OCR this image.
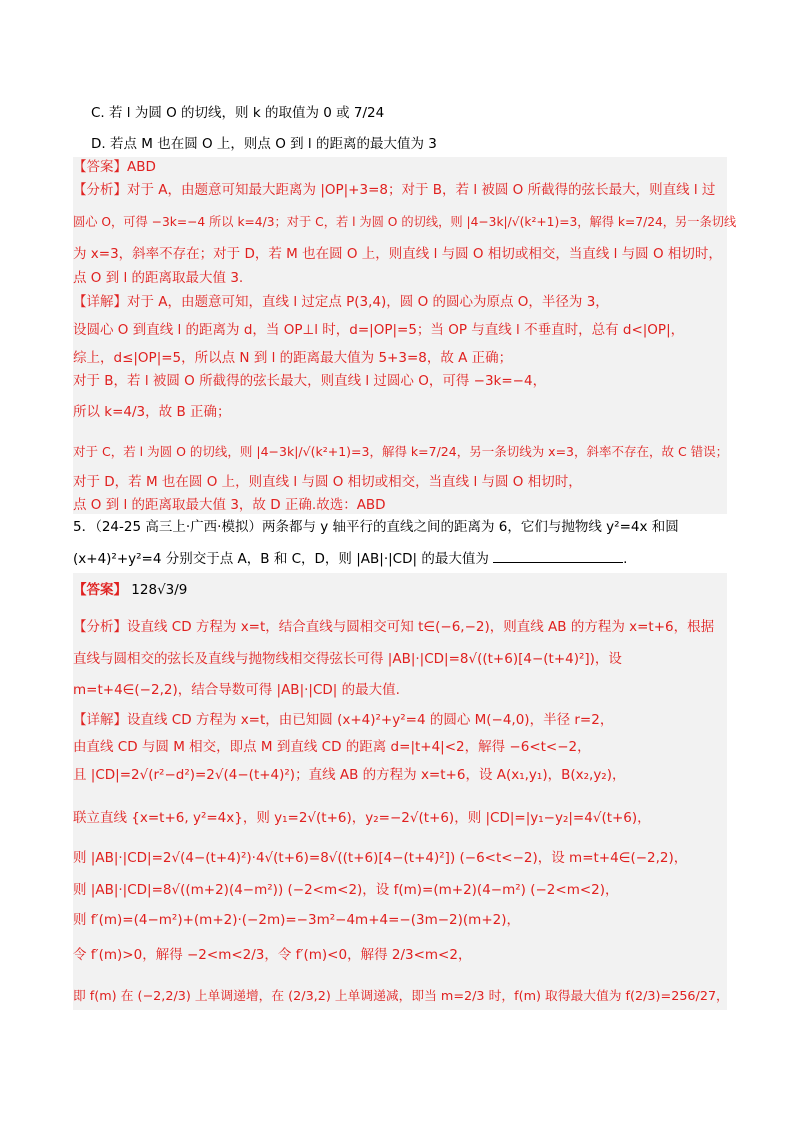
C. 若 l 为圆 O 的切线，则 k 的取值为 0 或 7/24
D. 若点 M 也在圆 O 上，则点 O 到 l 的距离的最大值为 3
【答案】ABD
【分析】对于 A，由题意可知最大距离为 |OP|+3=8；对于 B，若 l 被圆 O 所截得的弦长最大，则直线 l 过
圆心 O，可得 −3k=−4 所以 k=4/3；对于 C，若 l 为圆 O 的切线，则 |4−3k|/√(k²+1)=3，解得 k=7/24，另一条切线
为 x=3，斜率不存在；对于 D，若 M 也在圆 O 上，则直线 l 与圆 O 相切或相交，当直线 l 与圆 O 相切时，
点 O 到 l 的距离取最大值 3.
【详解】对于 A，由题意可知，直线 l 过定点 P(3,4)，圆 O 的圆心为原点 O，半径为 3，
设圆心 O 到直线 l 的距离为 d，当 OP⊥l 时，d=|OP|=5；当 OP 与直线 l 不垂直时，总有 d<|OP|，
综上，d≤|OP|=5，所以点 N 到 l 的距离最大值为 5+3=8，故 A 正确；
对于 B，若 l 被圆 O 所截得的弦长最大，则直线 l 过圆心 O，可得 −3k=−4，
所以 k=4/3，故 B 正确；
对于 C，若 l 为圆 O 的切线，则 |4−3k|/√(k²+1)=3，解得 k=7/24，另一条切线为 x=3，斜率不存在，故 C 错误；
对于 D，若 M 也在圆 O 上，则直线 l 与圆 O 相切或相交，当直线 l 与圆 O 相切时，
点 O 到 l 的距离取最大值 3，故 D 正确.故选：ABD
5．（24-25 高三上·广西·模拟）两条都与 y 轴平行的直线之间的距离为 6，它们与抛物线 y²=4x 和圆
(x+4)²+y²=4 分别交于点 A，B 和 C，D，则 |AB|·|CD| 的最大值为	.
【答案】 128√3/9
【分析】设直线 CD 方程为 x=t，结合直线与圆相交可知 t∈(−6,−2)，则直线 AB 的方程为 x=t+6，根据
直线与圆相交的弦长及直线与抛物线相交得弦长可得 |AB|·|CD|=8√((t+6)[4−(t+4)²])，设
m=t+4∈(−2,2)，结合导数可得 |AB|·|CD| 的最大值.
【详解】设直线 CD 方程为 x=t，由已知圆 (x+4)²+y²=4 的圆心 M(−4,0)，半径 r=2，
由直线 CD 与圆 M 相交，即点 M 到直线 CD 的距离 d=|t+4|<2，解得 −6<t<−2，
且 |CD|=2√(r²−d²)=2√(4−(t+4)²)；直线 AB 的方程为 x=t+6，设 A(x₁,y₁)，B(x₂,y₂)，
联立直线 {x=t+6, y²=4x}，则 y₁=2√(t+6)，y₂=−2√(t+6)，则 |CD|=|y₁−y₂|=4√(t+6)，
则 |AB|·|CD|=2√(4−(t+4)²)·4√(t+6)=8√((t+6)[4−(t+4)²]) (−6<t<−2)，设 m=t+4∈(−2,2)，
则 |AB|·|CD|=8√((m+2)(4−m²)) (−2<m<2)，设 f(m)=(m+2)(4−m²) (−2<m<2)，
则 f′(m)=(4−m²)+(m+2)·(−2m)=−3m²−4m+4=−(3m−2)(m+2)，
令 f′(m)>0，解得 −2<m<2/3，令 f′(m)<0，解得 2/3<m<2，
即 f(m) 在 (−2,2/3) 上单调递增，在 (2/3,2) 上单调递减，即当 m=2/3 时，f(m) 取得最大值为 f(2/3)=256/27，
